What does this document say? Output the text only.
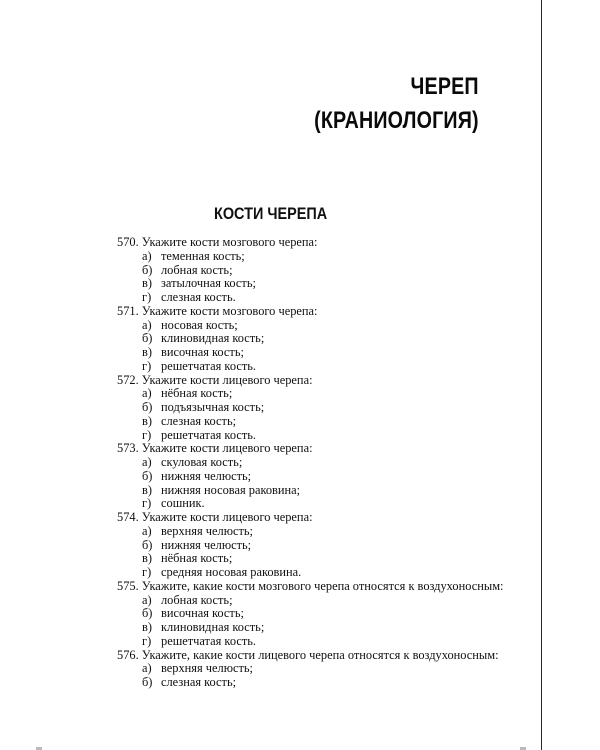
ЧЕРЕП
(КРАНИОЛОГИЯ)
КОСТИ ЧЕРЕПА
570. Укажите кости мозгового черепа:
а) теменная кость;
б) лобная кость;
в) затылочная кость;
г) слезная кость.
571. Укажите кости мозгового черепа:
а) носовая кость;
б) клиновидная кость;
в) височная кость;
г) решетчатая кость.
572. Укажите кости лицевого черепа:
а) нёбная кость;
б) подъязычная кость;
в) слезная кость;
г) решетчатая кость.
573. Укажите кости лицевого черепа:
а) скуловая кость;
б) нижняя челюсть;
в) нижняя носовая раковина;
г) сошник.
574. Укажите кости лицевого черепа:
а) верхняя челюсть;
б) нижняя челюсть;
в) нёбная кость;
г) средняя носовая раковина.
575. Укажите, какие кости мозгового черепа относятся к воздухоносным:
а) лобная кость;
б) височная кость;
в) клиновидная кость;
г) решетчатая кость.
576. Укажите, какие кости лицевого черепа относятся к воздухоносным:
а) верхняя челюсть;
б) слезная кость;
